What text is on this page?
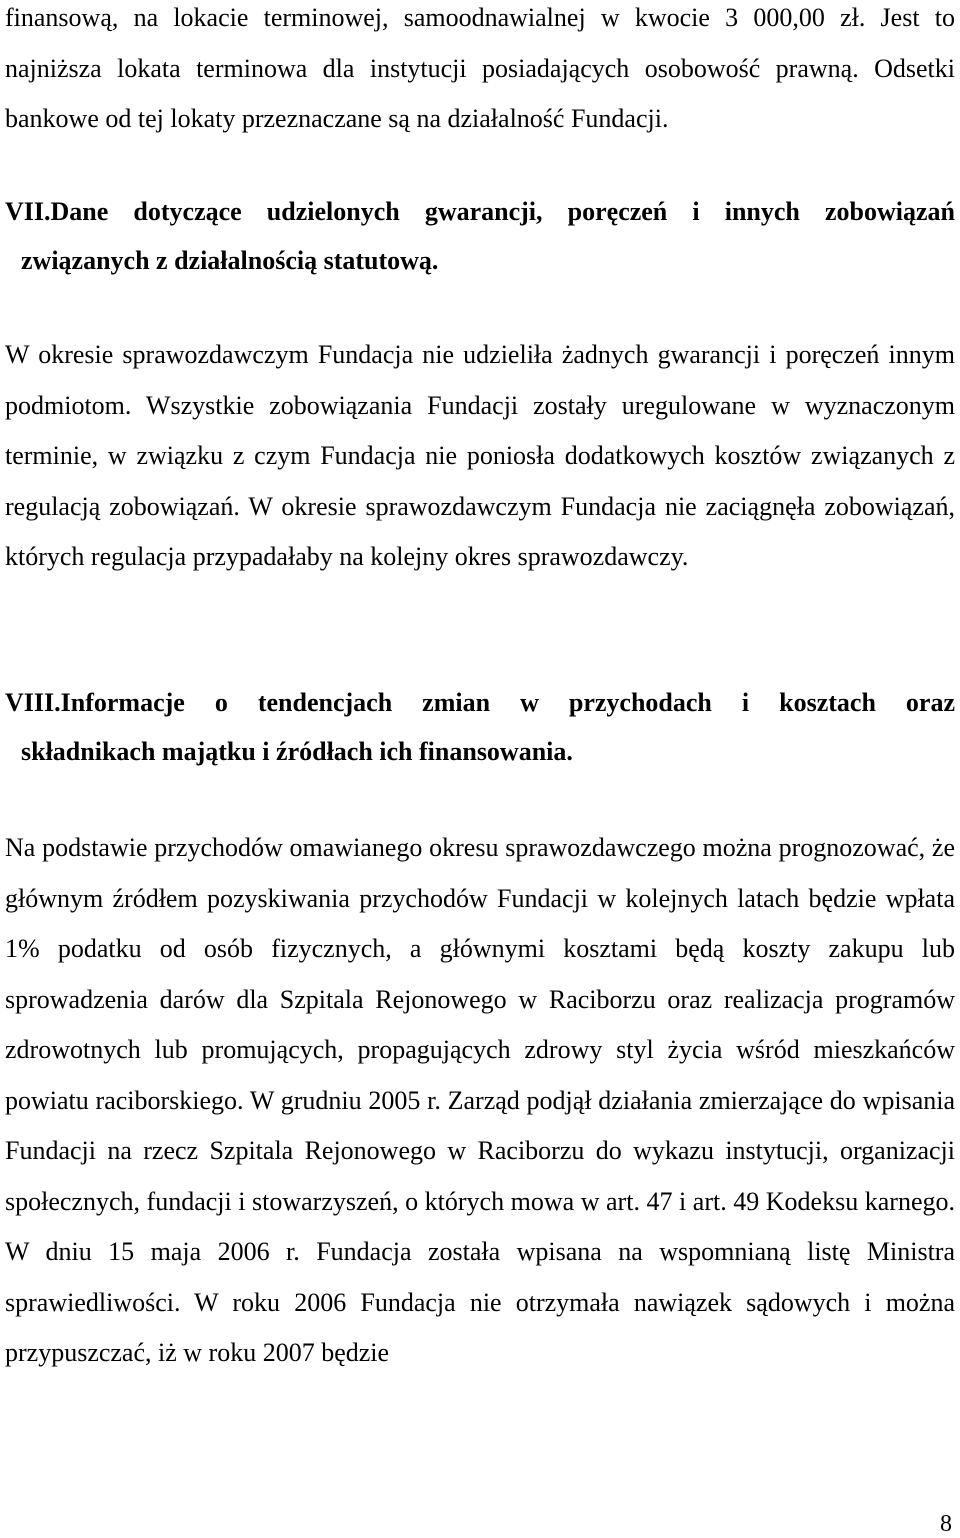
finansową, na lokacie terminowej, samoodnawialnej w kwocie 3 000,00 zł. Jest to najniższa lokata terminowa dla instytucji posiadających osobowość prawną. Odsetki bankowe od tej lokaty przeznaczane są na działalność Fundacji.

VII.Dane dotyczące udzielonych gwarancji, poręczeń i innych zobowiązań
związanych z działalnością statutową.

W okresie sprawozdawczym Fundacja nie udzieliła żadnych gwarancji i poręczeń innym podmiotom. Wszystkie zobowiązania Fundacji zostały uregulowane w wyznaczonym terminie, w związku z czym Fundacja nie poniosła dodatkowych kosztów związanych z regulacją zobowiązań. W okresie sprawozdawczym Fundacja nie zaciągnęła zobowiązań, których regulacja przypadałaby na kolejny okres sprawozdawczy.

VIII.Informacje o tendencjach zmian w przychodach i kosztach oraz
składnikach majątku i źródłach ich finansowania.

Na podstawie przychodów omawianego okresu sprawozdawczego można prognozować, że głównym źródłem pozyskiwania przychodów Fundacji w kolejnych latach będzie wpłata 1% podatku od osób fizycznych, a głównymi kosztami będą koszty zakupu lub sprowadzenia darów dla Szpitala Rejonowego w Raciborzu oraz realizacja programów zdrowotnych lub promujących, propagujących zdrowy styl życia wśród mieszkańców powiatu raciborskiego. W grudniu 2005 r. Zarząd podjął działania zmierzające do wpisania Fundacji na rzecz Szpitala Rejonowego w Raciborzu do wykazu instytucji, organizacji społecznych, fundacji i stowarzyszeń, o których mowa w art. 47 i art. 49 Kodeksu karnego. W dniu 15 maja 2006 r. Fundacja została wpisana na wspomnianą listę Ministra sprawiedliwości. W roku 2006 Fundacja nie otrzymała nawiązek sądowych i można przypuszczać, iż w roku 2007 będzie

8
